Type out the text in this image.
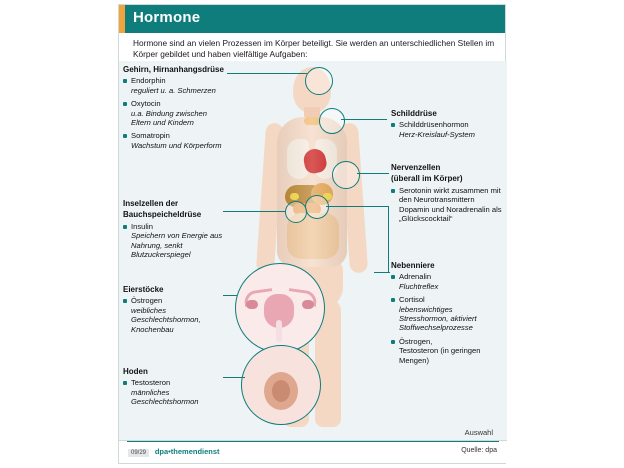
Hormone
Hormone sind an vielen Prozessen im Körper beteiligt. Sie werden an unterschiedlichen Stellen im Körper gebildet und haben vielfältige Aufgaben:
Gehirn, Hirnanhangsdrüse
Endorphin
reguliert u. a. Schmerzen
Oxytocin
u.a. Bindung zwischen Eltern und Kindern
Somatropin
Wachstum und Körperform
Inselzellen der
Bauchspeicheldrüse
Insulin
Speichern von Energie aus Nahrung, senkt Blutzuckerspiegel
Eierstöcke
Östrogen
weibliches Geschlechtshormon, Knochenbau
Hoden
Testosteron
männliches Geschlechtshormon
Schilddrüse
Schilddrüsenhormon
Herz-Kreislauf-System
Nervenzellen
(überall im Körper)
Serotonin wirkt zusammen mit den Neurotransmittern Dopamin und Noradrenalin als „Glückscocktail“
Nebenniere
Adrenalin
Fluchtreflex
Cortisol
lebenswichtiges Stresshormon, aktiviert Stoffwechselprozesse
Östrogen,
Testosteron (in geringen Mengen)
Auswahl
09/29 dpa•themendienst	Quelle: dpa
